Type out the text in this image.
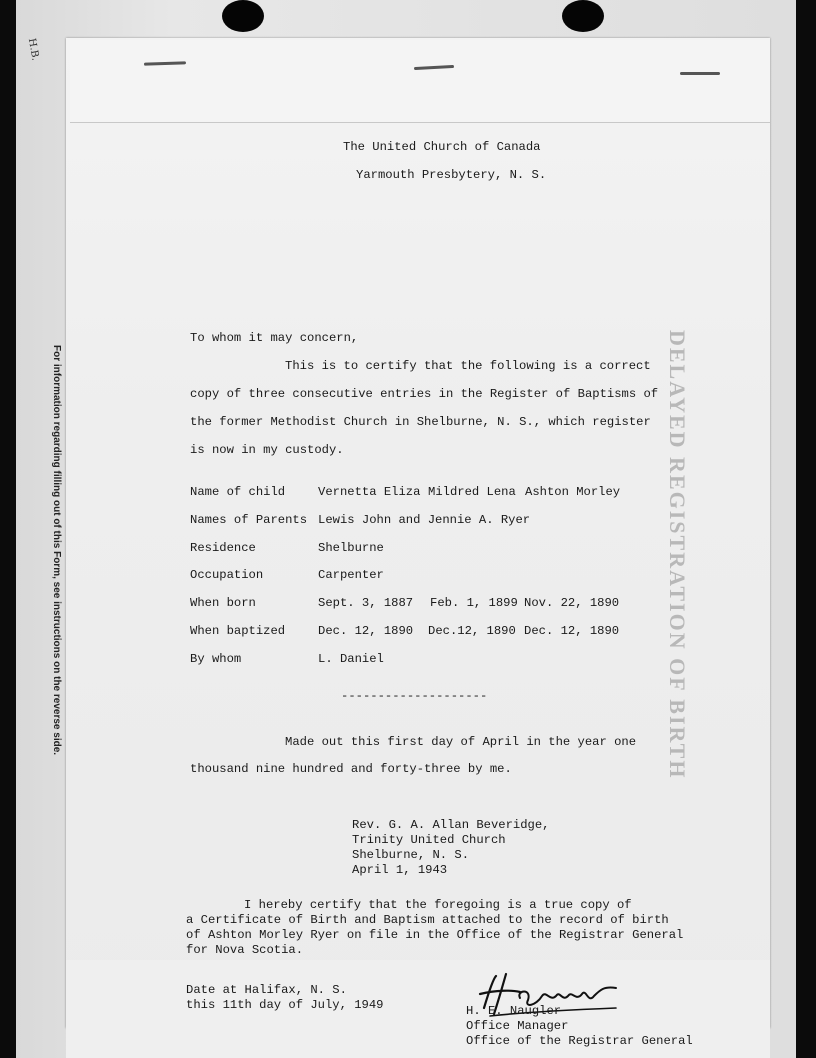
For information regarding filling out of this Form, see instructions on the reverse side.
H.B.
DELAYED REGISTRATION OF BIRTH
The United Church of Canada
Yarmouth Presbytery, N. S.
To whom it may concern,
This is to certify that the following is a correct
copy of three consecutive entries in the Register of Baptisms of
the former Methodist Church in Shelburne, N. S., which register
is now in my custody.
Name of child	Vernetta Eliza Mildred Lena Ashton Morley
Names of Parents Lewis John and Jennie A. Ryer
Residence	Shelburne
Occupation	Carpenter
When born	Sept. 3, 1887 Feb. 1, 1899 Nov. 22, 1890
When baptized	Dec. 12, 1890 Dec.12, 1890 Dec. 12, 1890
By whom	L. Daniel
--------------------
Made out this first day of April in the year one
thousand nine hundred and forty-three by me.
Rev. G. A. Allan Beveridge,
Trinity United Church
Shelburne, N. S.
April 1, 1943
I hereby certify that the foregoing is a true copy of
a Certificate of Birth and Baptism attached to the record of birth
of Ashton Morley Ryer on file in the Office of the Registrar General
for Nova Scotia.
Date at Halifax, N. S.
this 11th day of July, 1949	H. E. Naugler
Office Manager
Office of the Registrar General
